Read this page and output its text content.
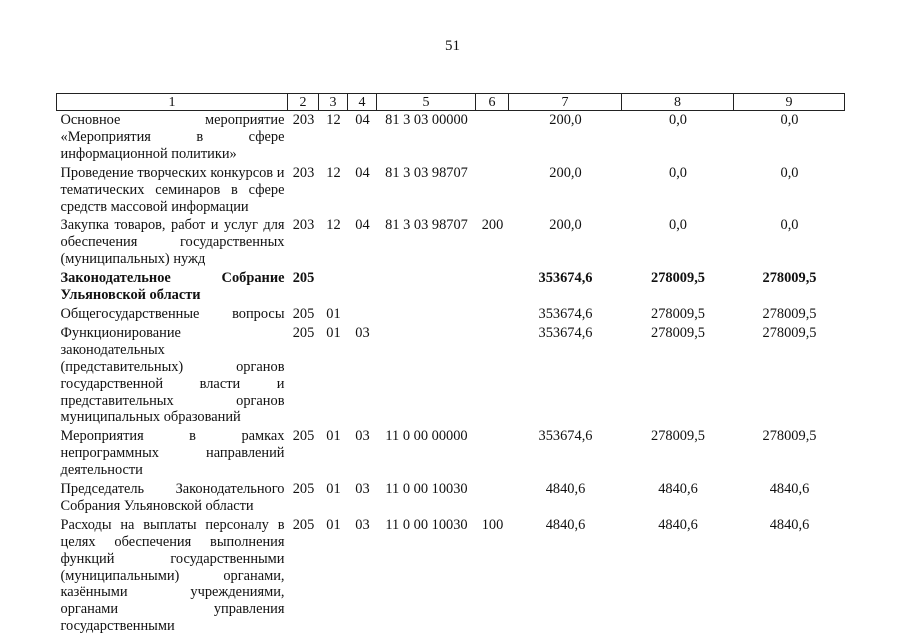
51
1	2	3	4	5	6	7	8	9
Основное мероприятие «Мероприятия в сфере информационной политики»	203	12	04	81 3 03 00000		200,0	0,0	0,0
Проведение творческих конкурсов и тематических семинаров в сфере средств массовой информации	203	12	04	81 3 03 98707		200,0	0,0	0,0
Закупка товаров, работ и услуг для обеспечения государственных (муниципальных) нужд	203	12	04	81 3 03 98707	200	200,0	0,0	0,0
Законодательное Собрание Ульяновской области	205					353674,6	278009,5	278009,5
Общегосударственные вопросы	205	01				353674,6	278009,5	278009,5
Функционирование законодательных (представительных) органов государственной власти и представительных органов муниципальных образований	205	01	03			353674,6	278009,5	278009,5
Мероприятия в рамках непрограммных направлений деятельности	205	01	03	11 0 00 00000		353674,6	278009,5	278009,5
Председатель Законодательного Собрания Ульяновской области	205	01	03	11 0 00 10030		4840,6	4840,6	4840,6
Расходы на выплаты персоналу в целях обеспечения выполнения функций государственными (муниципальными) органами, казёнными учреждениями, органами управления государственными	205	01	03	11 0 00 10030	100	4840,6	4840,6	4840,6
